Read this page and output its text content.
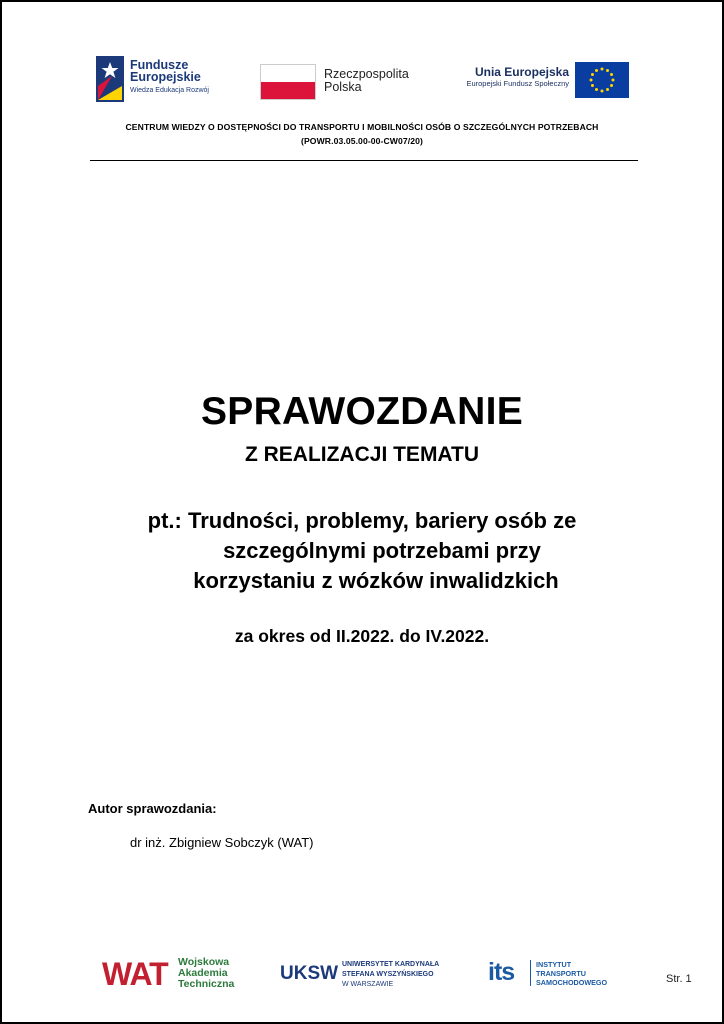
Fundusze
Europejskie
Wiedza Edukacja Rozwój
Rzeczpospolita
Polska
Unia Europejska
Europejski Fundusz Społeczny
CENTRUM WIEDZY O DOSTĘPNOŚCI DO TRANSPORTU I MOBILNOŚCI OSÓB O SZCZEGÓLNYCH POTRZEBACH
(POWR.03.05.00-00-CW07/20)
SPRAWOZDANIE
Z REALIZACJI TEMATU
pt.: Trudności, problemy, bariery osób ze
szczególnymi potrzebami przy
korzystaniu z wózków inwalidzkich
za okres od II.2022. do IV.2022.
Autor sprawozdania:
dr inż. Zbigniew Sobczyk (WAT)
WAT Wojskowa
Akademia
Techniczna UKSW UNIWERSYTET KARDYNAŁA
STEFANA WYSZYŃSKIEGO
W WARSZAWIE	its	INSTYTUT
TRANSPORTU
SAMOCHODOWEGO	Str. 1
